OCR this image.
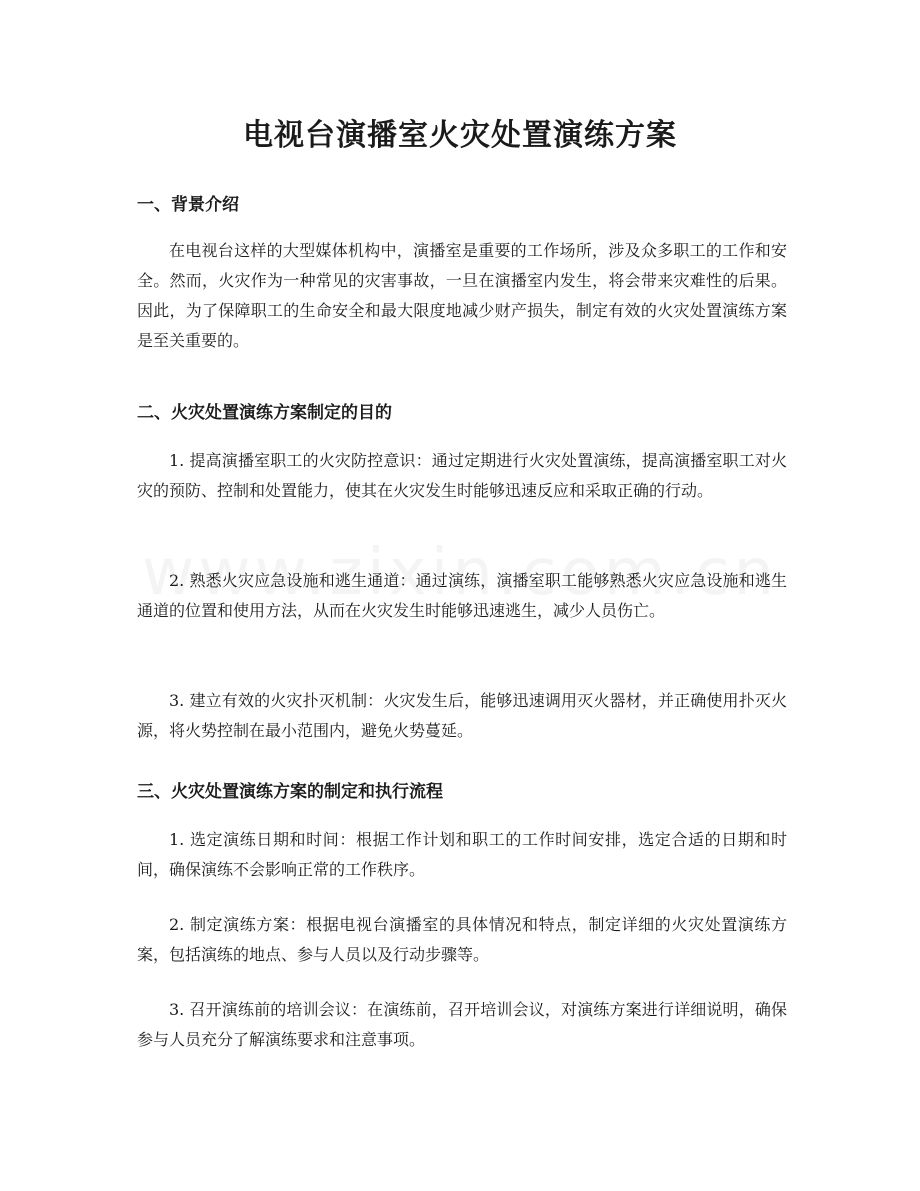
电视台演播室火灾处置演练方案
一、背景介绍

在电视台这样的大型媒体机构中，演播室是重要的工作场所，涉及众多职工的工作和安全。然而，火灾作为一种常见的灾害事故，一旦在演播室内发生，将会带来灾难性的后果。因此，为了保障职工的生命安全和最大限度地减少财产损失，制定有效的火灾处置演练方案是至关重要的。

二、火灾处置演练方案制定的目的

1. 提高演播室职工的火灾防控意识：通过定期进行火灾处置演练，提高演播室职工对火灾的预防、控制和处置能力，使其在火灾发生时能够迅速反应和采取正确的行动。

2. 熟悉火灾应急设施和逃生通道：通过演练，演播室职工能够熟悉火灾应急设施和逃生通道的位置和使用方法，从而在火灾发生时能够迅速逃生，减少人员伤亡。

3. 建立有效的火灾扑灭机制：火灾发生后，能够迅速调用灭火器材，并正确使用扑灭火源，将火势控制在最小范围内，避免火势蔓延。

三、火灾处置演练方案的制定和执行流程

1. 选定演练日期和时间：根据工作计划和职工的工作时间安排，选定合适的日期和时间，确保演练不会影响正常的工作秩序。

2. 制定演练方案：根据电视台演播室的具体情况和特点，制定详细的火灾处置演练方案，包括演练的地点、参与人员以及行动步骤等。

3. 召开演练前的培训会议：在演练前，召开培训会议，对演练方案进行详细说明，确保参与人员充分了解演练要求和注意事项。
